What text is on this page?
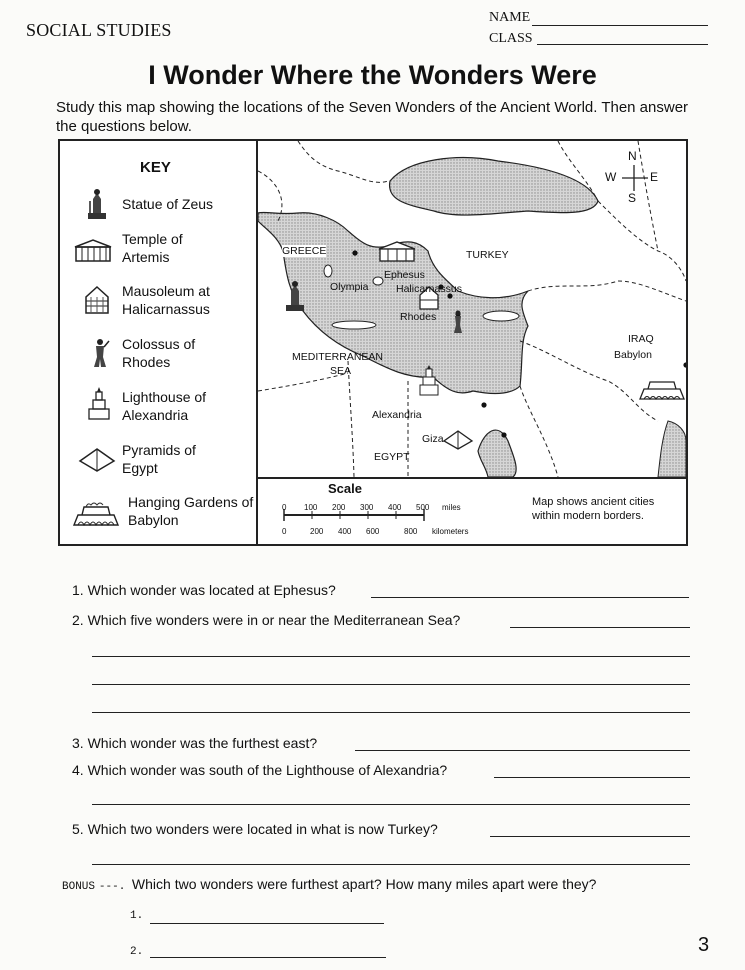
SOCIAL STUDIES
NAME
CLASS
I Wonder Where the Wonders Were
Study this map showing the locations of the Seven Wonders of the Ancient World. Then answer the questions below.
KEY
Statue of Zeus
Temple of Artemis
Mausoleum at Halicarnassus
Colossus of Rhodes
Lighthouse of Alexandria
Pyramids of Egypt
Hanging Gardens of Babylon
N
S
E
W
GREECE
Olympia
Ephesus
Halicarnassus
TURKEY
Rhodes
IRAQ
Babylon
MEDITERRANEAN
SEA
Alexandria
Giza
EGYPT
Scale
0 100 200 300 400 500 miles
0	200 400 600	800 kilometers
Map shows ancient cities within modern borders.
1. Which wonder was located at Ephesus?
2. Which five wonders were in or near the Mediterranean Sea?
3. Which wonder was the furthest east?
4. Which wonder was south of the Lighthouse of Alexandria?
5. Which two wonders were located in what is now Turkey?
BONUS ---. Which two wonders were furthest apart? How many miles apart were they?
1.
2.	3
